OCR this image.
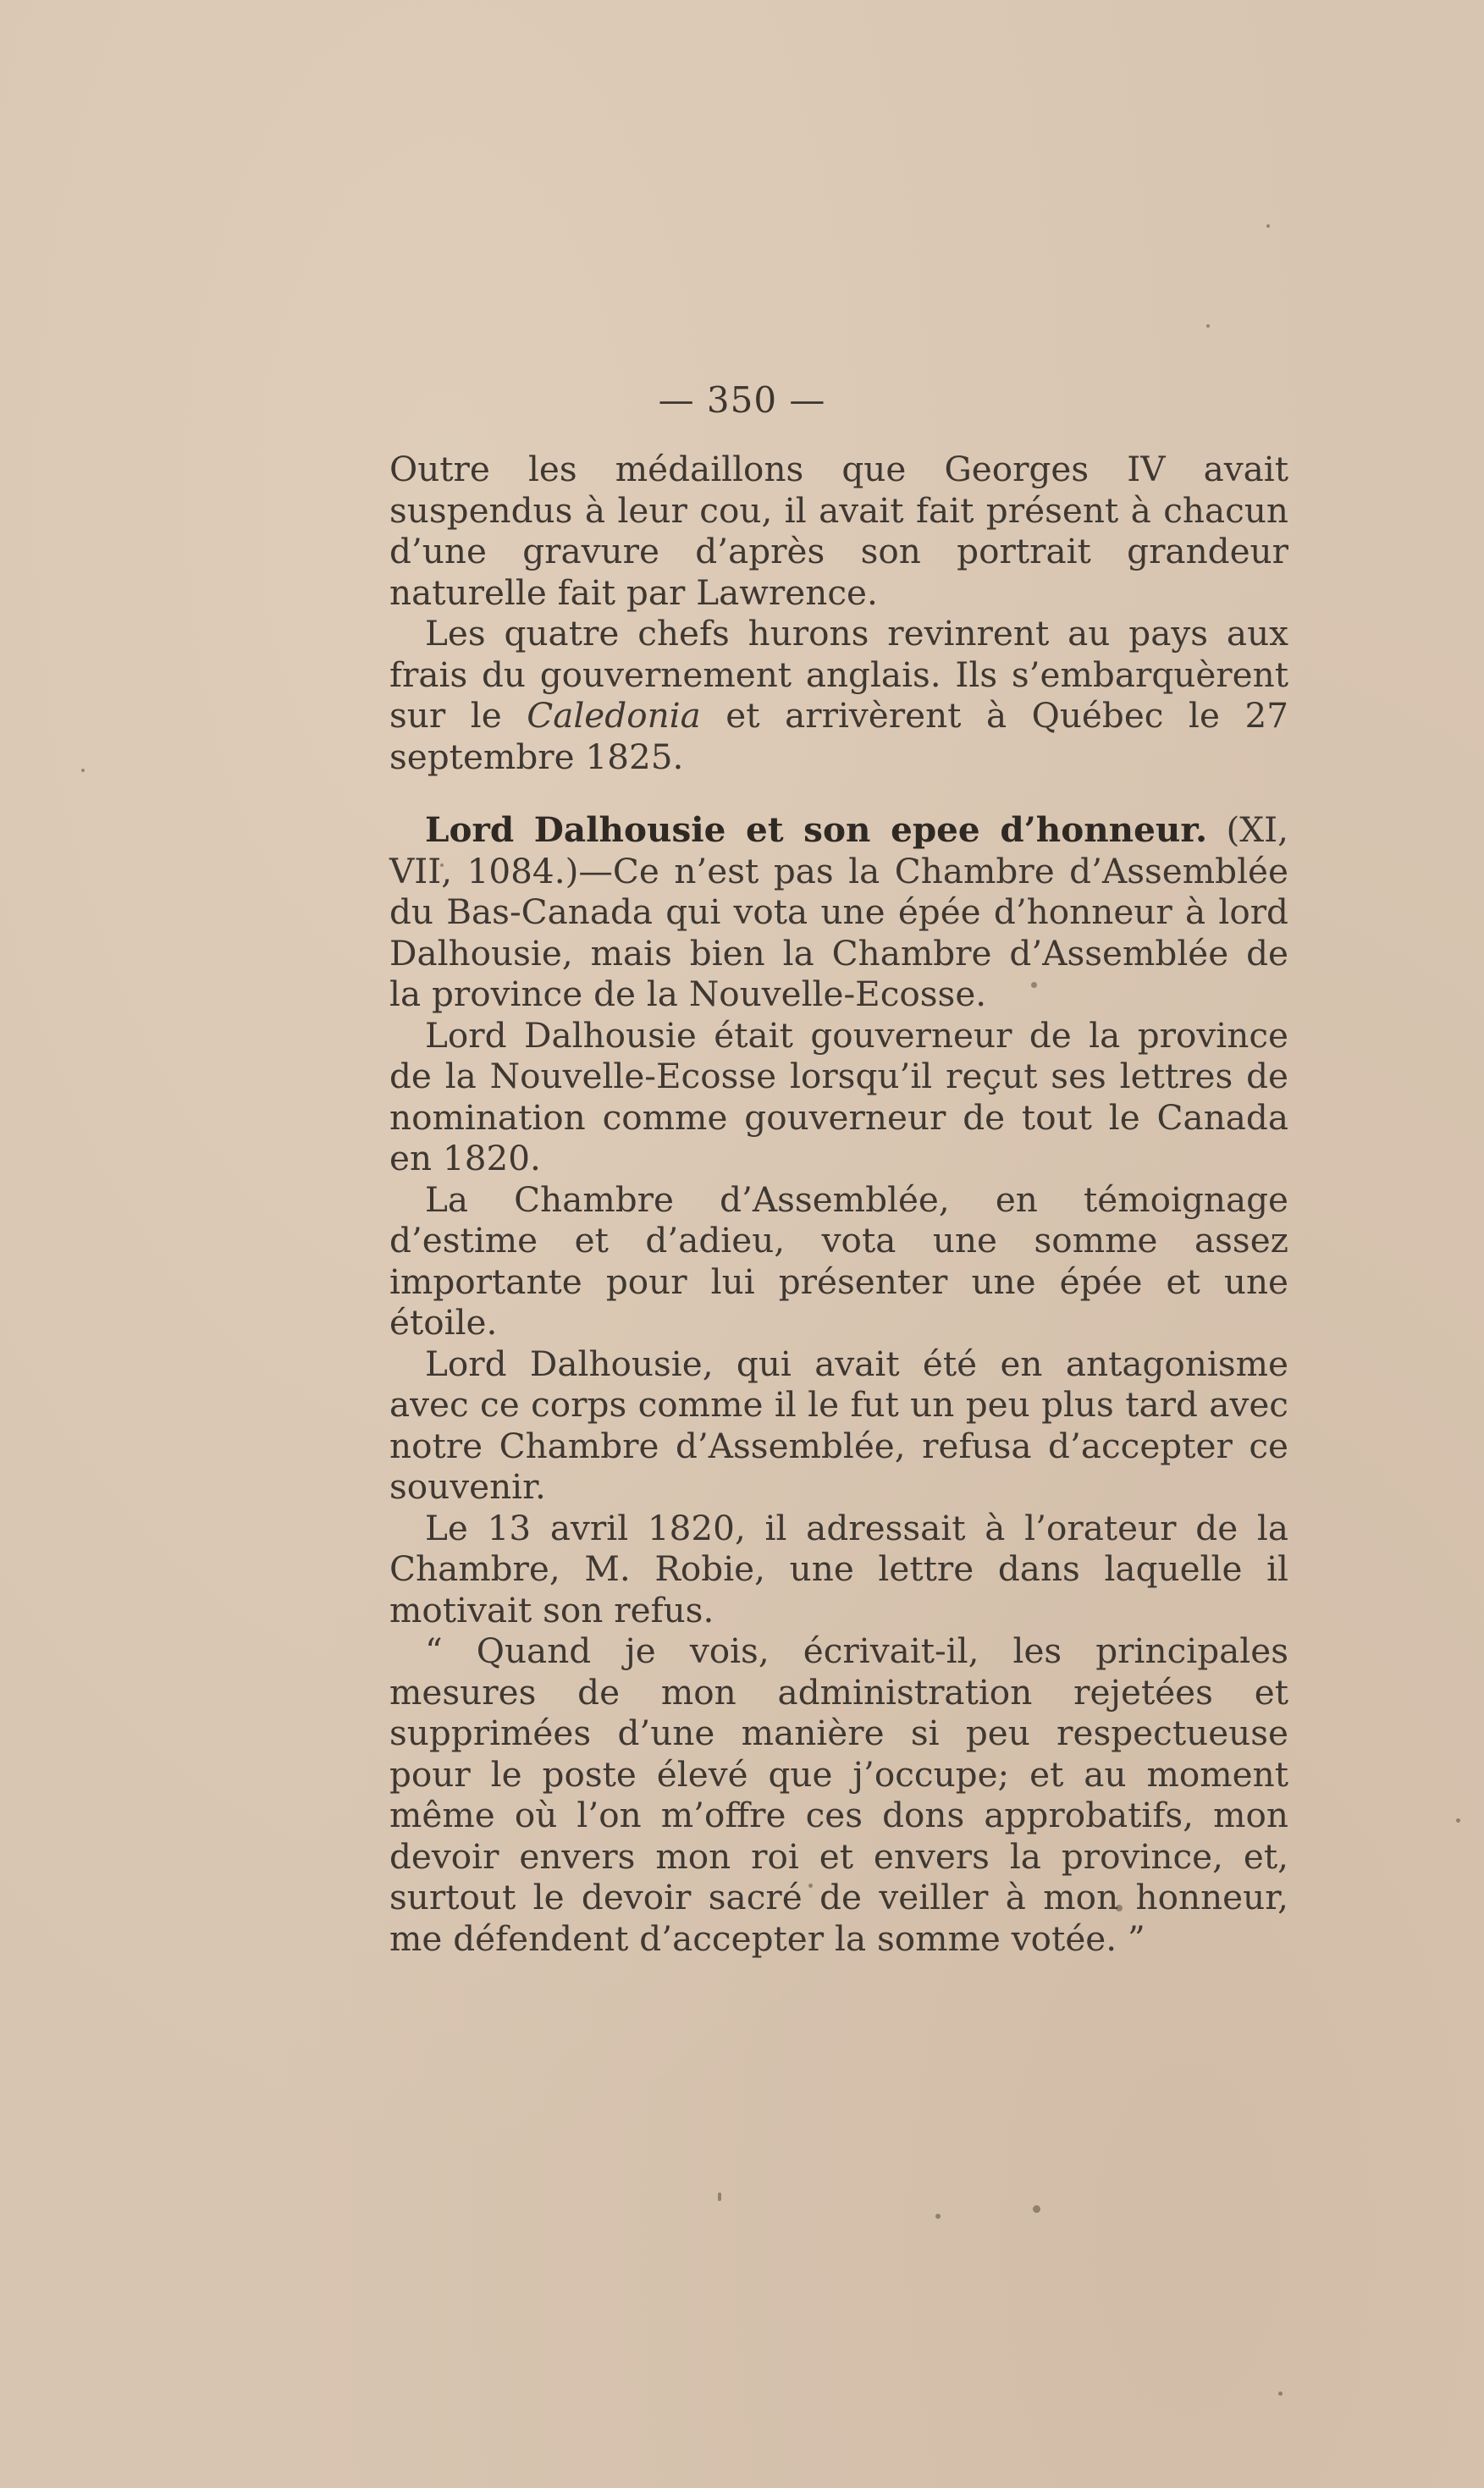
— 350 —

Outre les médaillons que Georges IV avait suspendus à leur cou, il avait fait présent à chacun d’une gravure d’après son portrait grandeur naturelle fait par Lawrence.

Les quatre chefs hurons revinrent au pays aux frais du gouvernement anglais. Ils s’embarquèrent sur le Caledonia et arrivèrent à Québec le 27 septembre 1825.

Lord Dalhousie et son epee d’honneur. (XI, VII, 1084.)—Ce n’est pas la Chambre d’Assemblée du Bas-Canada qui vota une épée d’honneur à lord Dalhousie, mais bien la Chambre d’Assemblée de la province de la Nouvelle-Ecosse.

Lord Dalhousie était gouverneur de la province de la Nouvelle-Ecosse lorsqu’il reçut ses lettres de nomination comme gouverneur de tout le Canada en 1820.

La Chambre d’Assemblée, en témoignage d’estime et d’adieu, vota une somme assez importante pour lui présenter une épée et une étoile.

Lord Dalhousie, qui avait été en antagonisme avec ce corps comme il le fut un peu plus tard avec notre Chambre d’Assemblée, refusa d’accepter ce souvenir.

Le 13 avril 1820, il adressait à l’orateur de la Chambre, M. Robie, une lettre dans laquelle il motivait son refus.

“ Quand je vois, écrivait-il, les principales mesures de mon administration rejetées et supprimées d’une manière si peu respectueuse pour le poste élevé que j’occupe; et au moment même où l’on m’offre ces dons approbatifs, mon devoir envers mon roi et envers la province, et, surtout le devoir sacré de veiller à mon honneur, me défendent d’accepter la somme votée. ”
